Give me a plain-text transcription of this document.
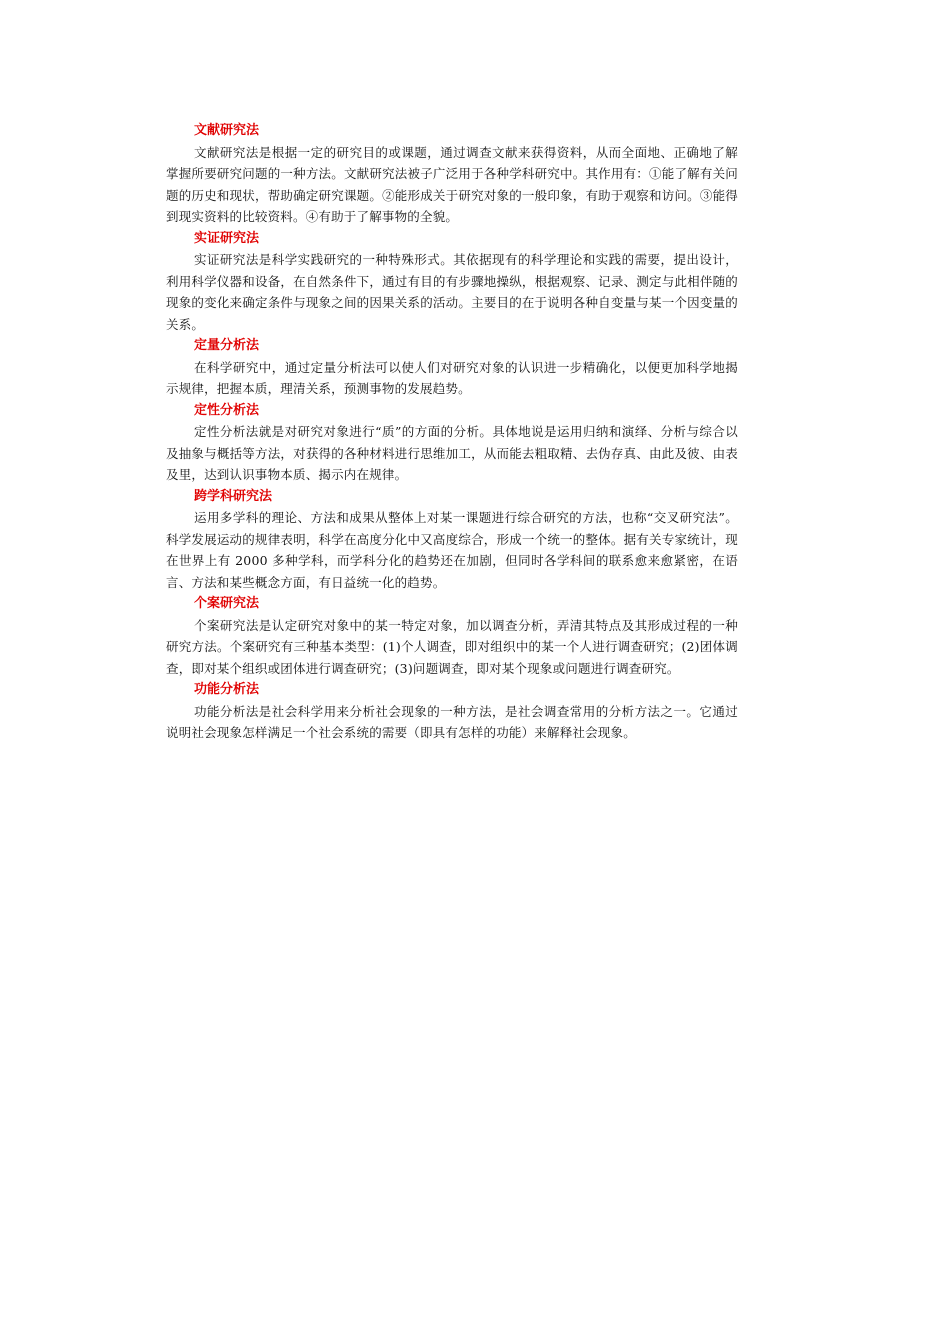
文献研究法

文献研究法是根据一定的研究目的或课题，通过调查文献来获得资料，从而全面地、正确地了解掌握所要研究问题的一种方法。文献研究法被子广泛用于各种学科研究中。其作用有：①能了解有关问题的历史和现状，帮助确定研究课题。②能形成关于研究对象的一般印象，有助于观察和访问。③能得到现实资料的比较资料。④有助于了解事物的全貌。

实证研究法

实证研究法是科学实践研究的一种特殊形式。其依据现有的科学理论和实践的需要，提出设计，利用科学仪器和设备，在自然条件下，通过有目的有步骤地操纵，根据观察、记录、测定与此相伴随的现象的变化来确定条件与现象之间的因果关系的活动。主要目的在于说明各种自变量与某一个因变量的关系。

定量分析法

在科学研究中，通过定量分析法可以使人们对研究对象的认识进一步精确化，以便更加科学地揭示规律，把握本质，理清关系，预测事物的发展趋势。

定性分析法

定性分析法就是对研究对象进行“质”的方面的分析。具体地说是运用归纳和演绎、分析与综合以及抽象与概括等方法，对获得的各种材料进行思维加工，从而能去粗取精、去伪存真、由此及彼、由表及里，达到认识事物本质、揭示内在规律。

跨学科研究法

运用多学科的理论、方法和成果从整体上对某一课题进行综合研究的方法，也称“交叉研究法”。科学发展运动的规律表明，科学在高度分化中又高度综合，形成一个统一的整体。据有关专家统计，现在世界上有 2000 多种学科，而学科分化的趋势还在加剧，但同时各学科间的联系愈来愈紧密，在语言、方法和某些概念方面，有日益统一化的趋势。

个案研究法

个案研究法是认定研究对象中的某一特定对象，加以调查分析，弄清其特点及其形成过程的一种研究方法。个案研究有三种基本类型：(1)个人调查，即对组织中的某一个人进行调查研究；(2)团体调查，即对某个组织或团体进行调查研究；(3)问题调查，即对某个现象或问题进行调查研究。

功能分析法

功能分析法是社会科学用来分析社会现象的一种方法，是社会调查常用的分析方法之一。它通过说明社会现象怎样满足一个社会系统的需要（即具有怎样的功能）来解释社会现象。
